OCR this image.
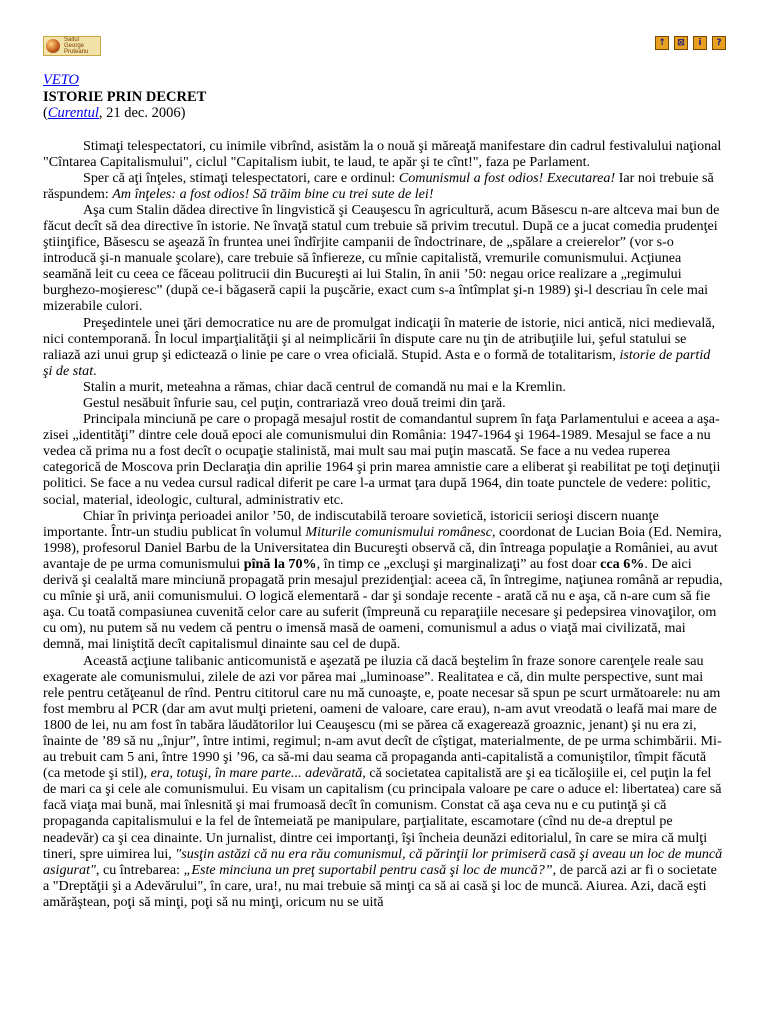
Saitul
George
Pruteanu
↑	⊠	i	?
VETO
ISTORIE PRIN DECRET
(Curentul, 21 dec. 2006)

Stimaţi telespectatori, cu inimile vibrînd, asistăm la o nouă şi măreaţă manifestare din cadrul festivalului naţional "Cîntarea Capitalismului", ciclul "Capitalism iubit, te laud, te apăr şi te cînt!", faza pe Parlament.

Sper că aţi înţeles, stimaţi telespectatori, care e ordinul: Comunismul a fost odios! Executarea! Iar noi trebuie să răspundem: Am înţeles: a fost odios! Să trăim bine cu trei sute de lei!

Aşa cum Stalin dădea directive în lingvistică şi Ceauşescu în agricultură, acum Băsescu n-are altceva mai bun de făcut decît să dea directive în istorie. Ne învaţă statul cum trebuie să privim trecutul. După ce a jucat comedia prudenţei ştiinţifice, Băsescu se aşează în fruntea unei îndîrjite campanii de îndoctrinare, de „spălare a creierelor” (vor s-o introducă şi-n manuale şcolare), care trebuie să înfiereze, cu mînie capitalistă, vremurile comunismului. Acţiunea seamănă leit cu ceea ce făceau politrucii din Bucureşti ai lui Stalin, în anii ’50: negau orice realizare a „regimului burghezo-moşieresc” (după ce-i băgaseră capii la puşcărie, exact cum s-a întîmplat şi-n 1989) şi-l descriau în cele mai mizerabile culori.

Preşedintele unei ţări democratice nu are de promulgat indicaţii în materie de istorie, nici antică, nici medievală, nici contemporană. În locul imparţialităţii şi al neimplicării în dispute care nu ţin de atribuţiile lui, şeful statului se raliază azi unui grup şi edictează o linie pe care o vrea oficială. Stupid. Asta e o formă de totalitarism, istorie de partid şi de stat.

Stalin a murit, meteahna a rămas, chiar dacă centrul de comandă nu mai e la Kremlin.

Gestul nesăbuit înfurie sau, cel puţin, contrariază vreo două treimi din ţară.

Principala minciună pe care o propagă mesajul rostit de comandantul suprem în faţa Parlamentului e aceea a aşa-zisei „identităţi” dintre cele două epoci ale comunismului din România: 1947-1964 şi 1964-1989. Mesajul se face a nu vedea că prima nu a fost decît o ocupaţie stalinistă, mai mult sau mai puţin mascată. Se face a nu vedea ruperea categorică de Moscova prin Declaraţia din aprilie 1964 şi prin marea amnistie care a eliberat şi reabilitat pe toţi deţinuţii politici. Se face a nu vedea cursul radical diferit pe care l-a urmat ţara după 1964, din toate punctele de vedere: politic, social, material, ideologic, cultural, administrativ etc.

Chiar în privinţa perioadei anilor ’50, de indiscutabilă teroare sovietică, istoricii serioşi discern nuanţe importante. Într-un studiu publicat în volumul Miturile comunismului românesc, coordonat de Lucian Boia (Ed. Nemira, 1998), profesorul Daniel Barbu de la Universitatea din Bucureşti observă că, din întreaga populaţie a României, au avut avantaje de pe urma comunismului pînă la 70%, în timp ce „excluşi şi marginalizaţi” au fost doar cca 6%. De aici derivă şi cealaltă mare minciună propagată prin mesajul prezidenţial: aceea că, în întregime, naţiunea română ar repudia, cu mînie şi ură, anii comunismului. O logică elementară - dar şi sondaje recente - arată că nu e aşa, că n-are cum să fie aşa. Cu toată compasiunea cuvenită celor care au suferit (împreună cu reparaţiile necesare şi pedepsirea vinovaţilor, om cu om), nu putem să nu vedem că pentru o imensă masă de oameni, comunismul a adus o viaţă mai civilizată, mai demnă, mai liniştită decît capitalismul dinainte sau cel de după.

Această acţiune talibanic anticomunistă e aşezată pe iluzia că dacă beştelim în fraze sonore carenţele reale sau exagerate ale comunismului, zilele de azi vor părea mai „luminoase”. Realitatea e că, din multe perspective, sunt mai rele pentru cetăţeanul de rînd. Pentru cititorul care nu mă cunoaşte, e, poate necesar să spun pe scurt următoarele: nu am fost membru al PCR (dar am avut mulţi prieteni, oameni de valoare, care erau), n-am avut vreodată o leafă mai mare de 1800 de lei, nu am fost în tabăra lăudătorilor lui Ceauşescu (mi se părea că exagerează groaznic, jenant) şi nu era zi, înainte de ’89 să nu „înjur”, între intimi, regimul; n-am avut decît de cîştigat, materialmente, de pe urma schimbării. Mi-au trebuit cam 5 ani, între 1990 şi ’96, ca să-mi dau seama că propaganda anti-capitalistă a comuniştilor, tîmpit făcută (ca metode şi stil), era, totuşi, în mare parte... adevărată, că societatea capitalistă are şi ea ticăloşiile ei, cel puţin la fel de mari ca şi cele ale comunismului. Eu visam un capitalism (cu principala valoare pe care o aduce el: libertatea) care să facă viaţa mai bună, mai înlesnită şi mai frumoasă decît în comunism. Constat că aşa ceva nu e cu putinţă şi că propaganda capitalismului e la fel de întemeiată pe manipulare, parţialitate, escamotare (cînd nu de-a dreptul pe neadevăr) ca şi cea dinainte. Un jurnalist, dintre cei importanţi, îşi încheia deunăzi editorialul, în care se mira că mulţi tineri, spre uimirea lui, "susţin astăzi că nu era rău comunismul, că părinţii lor primiseră casă şi aveau un loc de muncă asigurat", cu întrebarea: „Este minciuna un preţ suportabil pentru casă şi loc de muncă?”, de parcă azi ar fi o societate a "Dreptăţii şi a Adevărului", în care, ura!, nu mai trebuie să minţi ca să ai casă şi loc de muncă. Aiurea. Azi, dacă eşti amărăştean, poţi să minţi, poţi să nu minţi, oricum nu se uită
